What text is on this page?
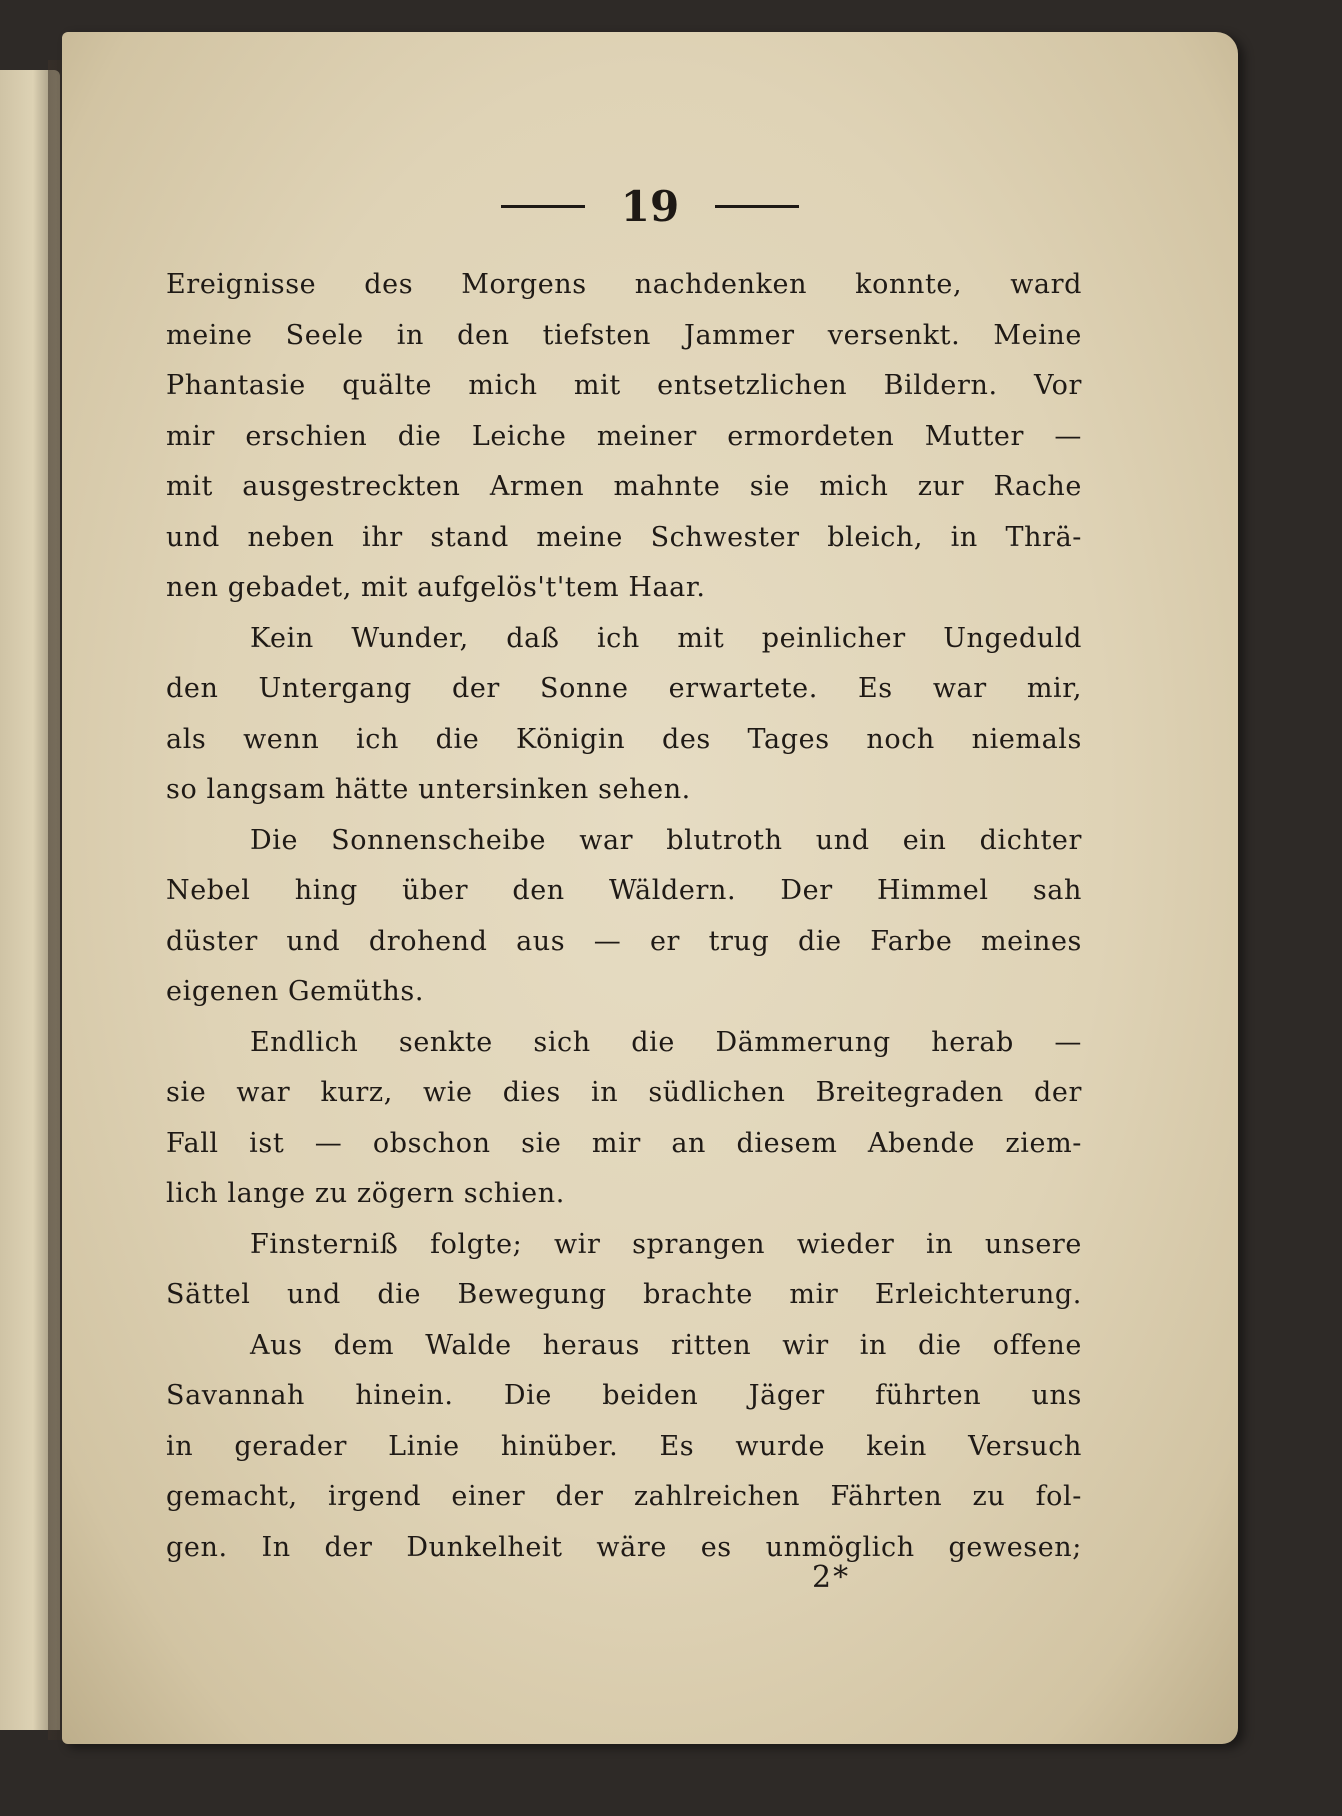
19

Ereignisse des Morgens nachdenken konnte, ward

meine Seele in den tiefsten Jammer versenkt. Meine

Phantasie quälte mich mit entsetzlichen Bildern. Vor

mir erschien die Leiche meiner ermordeten Mutter —

mit ausgestreckten Armen mahnte sie mich zur Rache

und neben ihr stand meine Schwester bleich, in Thrä-

nen gebadet, mit aufgelös't'tem Haar.

Kein Wunder, daß ich mit peinlicher Ungeduld

den Untergang der Sonne erwartete. Es war mir,

als wenn ich die Königin des Tages noch niemals

so langsam hätte untersinken sehen.

Die Sonnenscheibe war blutroth und ein dichter

Nebel hing über den Wäldern. Der Himmel sah

düster und drohend aus — er trug die Farbe meines

eigenen Gemüths.

Endlich senkte sich die Dämmerung herab —

sie war kurz, wie dies in südlichen Breitegraden der

Fall ist — obschon sie mir an diesem Abende ziem-

lich lange zu zögern schien.

Finsterniß folgte; wir sprangen wieder in unsere

Sättel und die Bewegung brachte mir Erleichterung.

Aus dem Walde heraus ritten wir in die offene

Savannah hinein. Die beiden Jäger führten uns

in gerader Linie hinüber. Es wurde kein Versuch

gemacht, irgend einer der zahlreichen Fährten zu fol-

gen. In der Dunkelheit wäre es unmöglich gewesen;

2*
